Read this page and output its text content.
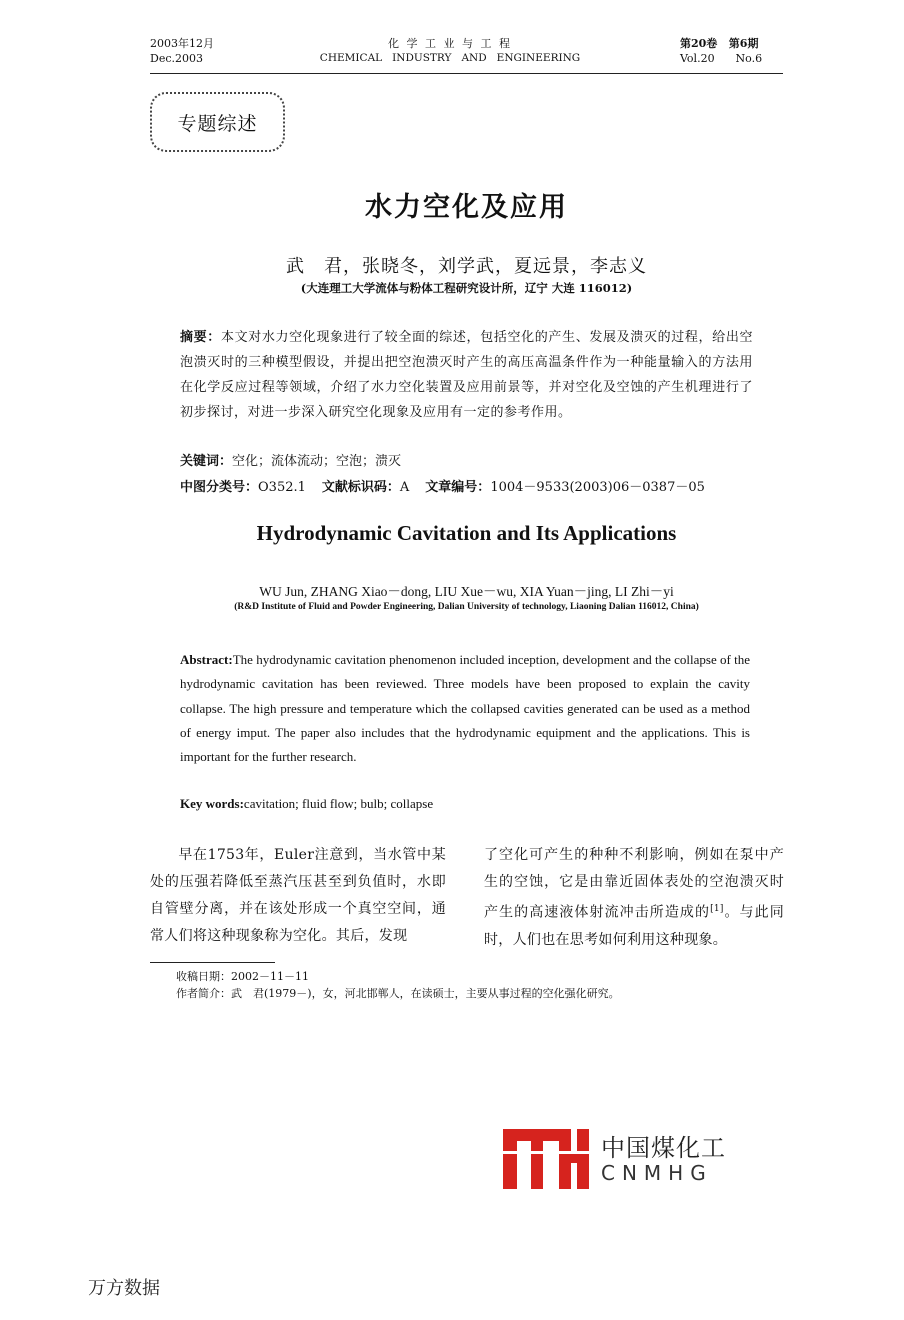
2003年12月
Dec.2003
化 学 工 业 与 工 程
CHEMICAL   INDUSTRY   AND   ENGINEERING
第20卷   第6期
Vol.20      No.6
专题综述
水力空化及应用
武　君，张晓冬，刘学武，夏远景，李志义
(大连理工大学流体与粉体工程研究设计所，辽宁 大连 116012)
摘要：本文对水力空化现象进行了较全面的综述，包括空化的产生、发展及溃灭的过程，给出空泡溃灭时的三种模型假设，并提出把空泡溃灭时产生的高压高温条件作为一种能量输入的方法用在化学反应过程等领域，介绍了水力空化装置及应用前景等，并对空化及空蚀的产生机理进行了初步探讨，对进一步深入研究空化现象及应用有一定的参考作用。
关键词：空化；流体流动；空泡；溃灭
中图分类号：O352.1 文献标识码：A 文章编号：1004－9533(2003)06－0387－05
Hydrodynamic Cavitation and Its Applications
WU Jun, ZHANG Xiao－dong, LIU Xue－wu, XIA Yuan－jing, LI Zhi－yi
(R&D Institute of Fluid and Powder Engineering, Dalian University of technology, Liaoning Dalian 116012, China)
Abstract:The hydrodynamic cavitation phenomenon included inception, development and the collapse of the hydrodynamic cavitation has been reviewed. Three models have been proposed to explain the cavity collapse. The high pressure and temperature which the collapsed cavities generated can be used as a method of energy imput. The paper also includes that the hydrodynamic equipment and the applications. This is important for the further research.
Key words:cavitation; fluid flow; bulb; collapse
早在1753年，Euler注意到，当水管中某处的压强若降低至蒸汽压甚至到负值时，水即自管壁分离，并在该处形成一个真空空间，通常人们将这种现象称为空化。其后，发现
了空化可产生的种种不利影响，例如在泵中产生的空蚀，它是由靠近固体表处的空泡溃灭时产生的高速液体射流冲击所造成的[1]。与此同时，人们也在思考如何利用这种现象。
收稿日期：2002－11－11
作者简介：武　君(1979－)，女，河北邯郸人，在读硕士，主要从事过程的空化强化研究。
中国煤化工
CNMHG
万方数据
